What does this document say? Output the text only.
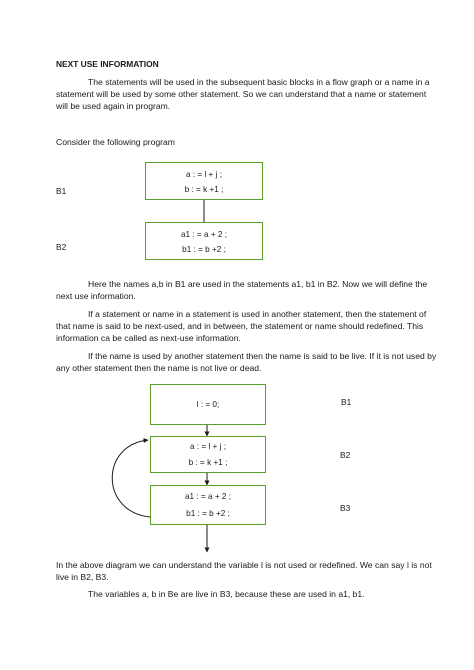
NEXT USE INFORMATION

The statements will be used in the subsequent basic blocks in a flow graph or a name in a

statement will be used by some other statement. So we can understand that a name or statement

will be used again in program.

Consider the following program

B1
B2
a : = l + j ;
b : = k +1 ;
a1 : = a + 2 ;
b1 : = b +2 ;

Here the names a,b in B1 are used in the statements a1, b1 in B2. Now we will define the

next use information.

If a statement or name in a statement is used in another statement, then the statement of

that name is said to be next-used, and in between, the statement or name should redefined. This

information ca be called as next-use information.

If the name is used by another statement then the name is said to be live. If it is not used by

any other statement then the name is not live or dead.

l : = 0;
a : = l + j ;
b : = k +1 ;
a1 : = a + 2 ;
b1 : = b +2 ;
B1
B2
B3

In the above diagram we can understand the variable l is not used or redefined. We can say l is not

live in B2, B3.

The variables a, b in Be are live in B3, because these are used in a1, b1.
